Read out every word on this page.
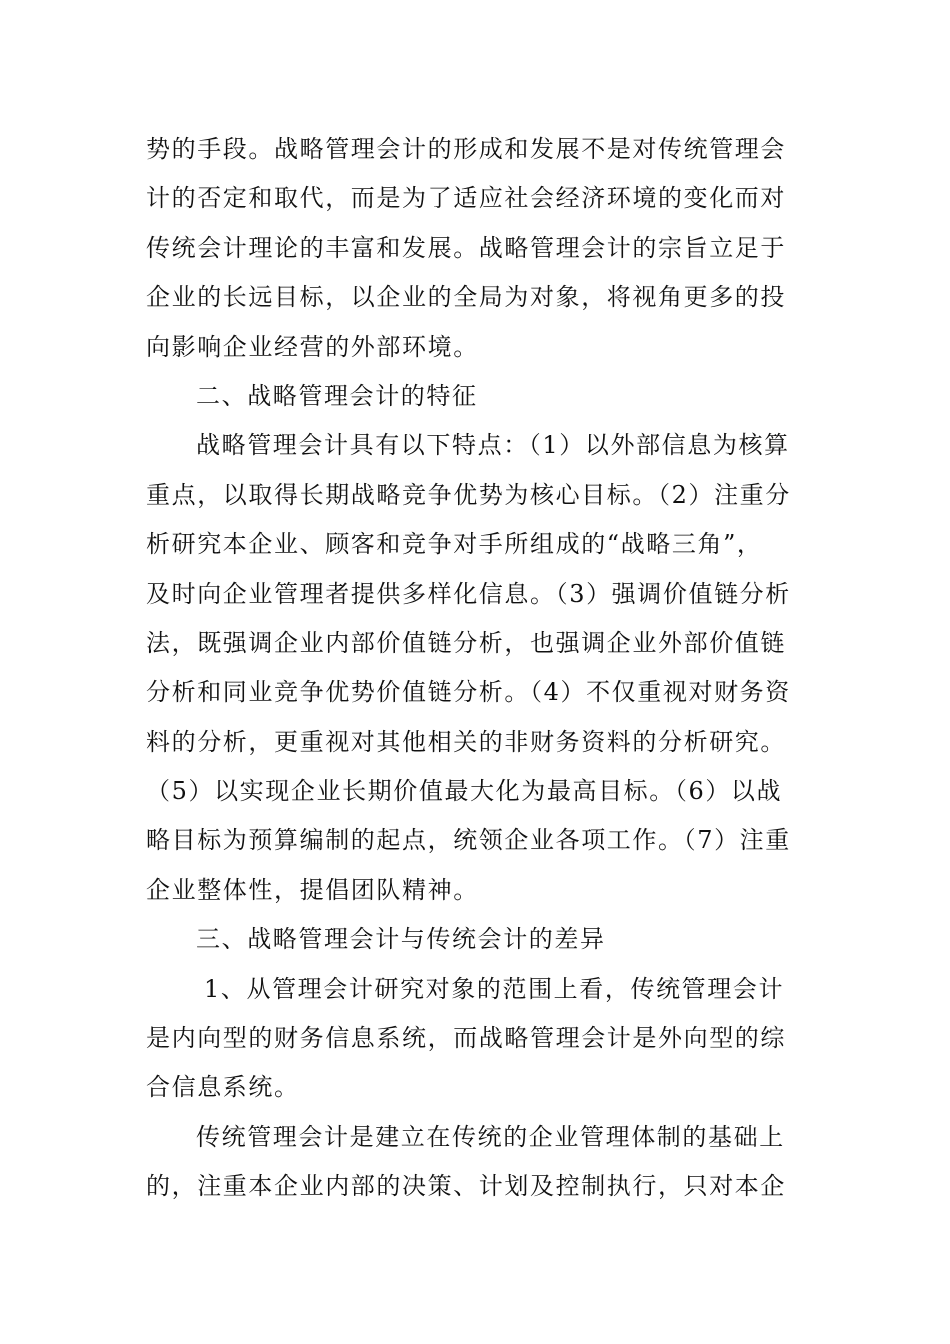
势的手段。战略管理会计的形成和发展不是对传统管理会
计的否定和取代，而是为了适应社会经济环境的变化而对
传统会计理论的丰富和发展。战略管理会计的宗旨立足于
企业的长远目标，以企业的全局为对象，将视角更多的投
向影响企业经营的外部环境。
二、战略管理会计的特征
战略管理会计具有以下特点：（1）以外部信息为核算
重点，以取得长期战略竞争优势为核心目标。（2）注重分
析研究本企业、顾客和竞争对手所组成的“战略三角”，
及时向企业管理者提供多样化信息。（3）强调价值链分析
法，既强调企业内部价值链分析，也强调企业外部价值链
分析和同业竞争优势价值链分析。（4）不仅重视对财务资
料的分析，更重视对其他相关的非财务资料的分析研究。
（5）以实现企业长期价值最大化为最高目标。（6）以战
略目标为预算编制的起点，统领企业各项工作。（7）注重
企业整体性，提倡团队精神。
三、战略管理会计与传统会计的差异
1、从管理会计研究对象的范围上看，传统管理会计
是内向型的财务信息系统，而战略管理会计是外向型的综
合信息系统。
传统管理会计是建立在传统的企业管理体制的基础上
的，注重本企业内部的决策、计划及控制执行，只对本企
